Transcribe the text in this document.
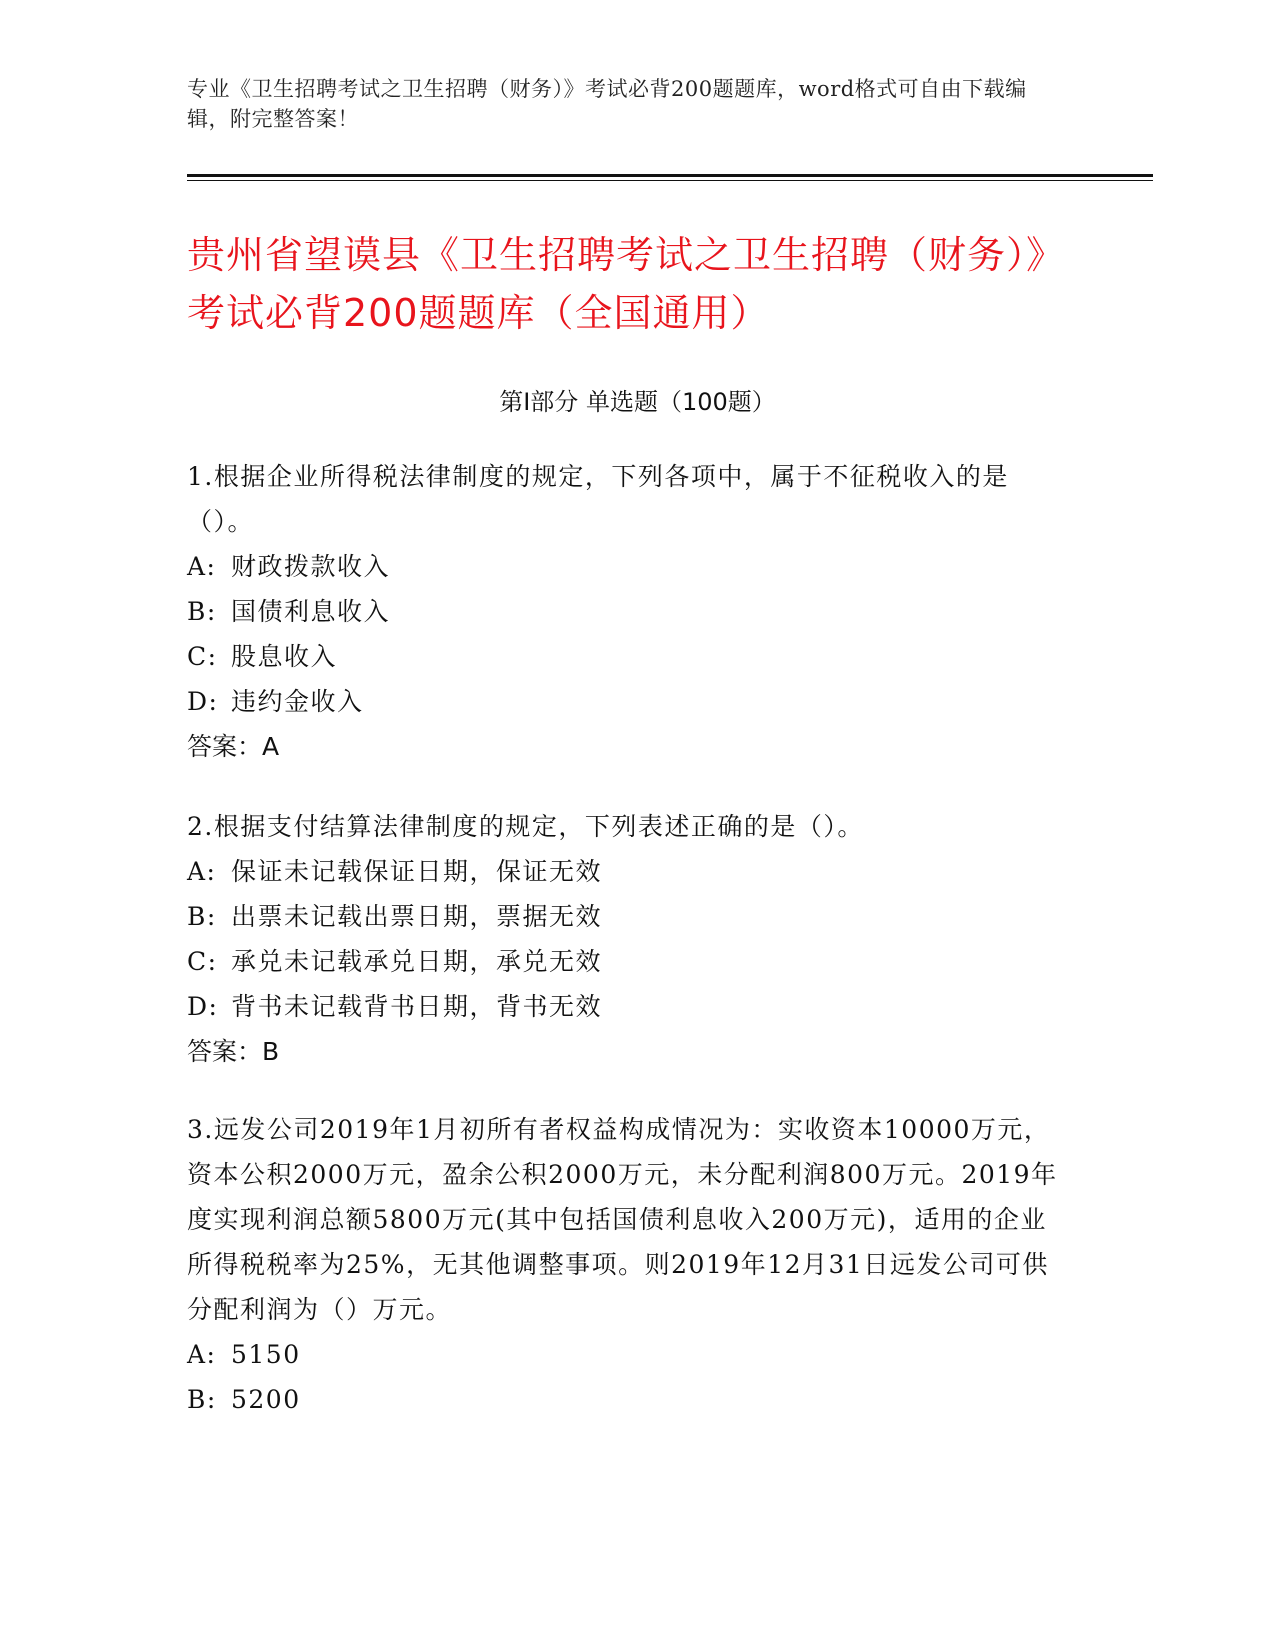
专业《卫生招聘考试之卫生招聘（财务）》考试必背200题题库，word格式可自由下载编辑，附完整答案！
贵州省望谟县《卫生招聘考试之卫生招聘（财务）》考试必背200题题库（全国通用）
第I部分 单选题（100题）

1.根据企业所得税法律制度的规定，下列各项中，属于不征税收入的是（）。

A: 财政拨款收入

B: 国债利息收入

C: 股息收入

D: 违约金收入

答案：A

2.根据支付结算法律制度的规定，下列表述正确的是（）。

A: 保证未记载保证日期，保证无效

B: 出票未记载出票日期，票据无效

C: 承兑未记载承兑日期，承兑无效

D: 背书未记载背书日期，背书无效

答案：B

3.远发公司2019年1月初所有者权益构成情况为：实收资本10000万元，资本公积2000万元，盈余公积2000万元，未分配利润800万元。2019年度实现利润总额5800万元(其中包括国债利息收入200万元)，适用的企业所得税税率为25%，无其他调整事项。则2019年12月31日远发公司可供分配利润为（）万元。

A: 5150

B: 5200
